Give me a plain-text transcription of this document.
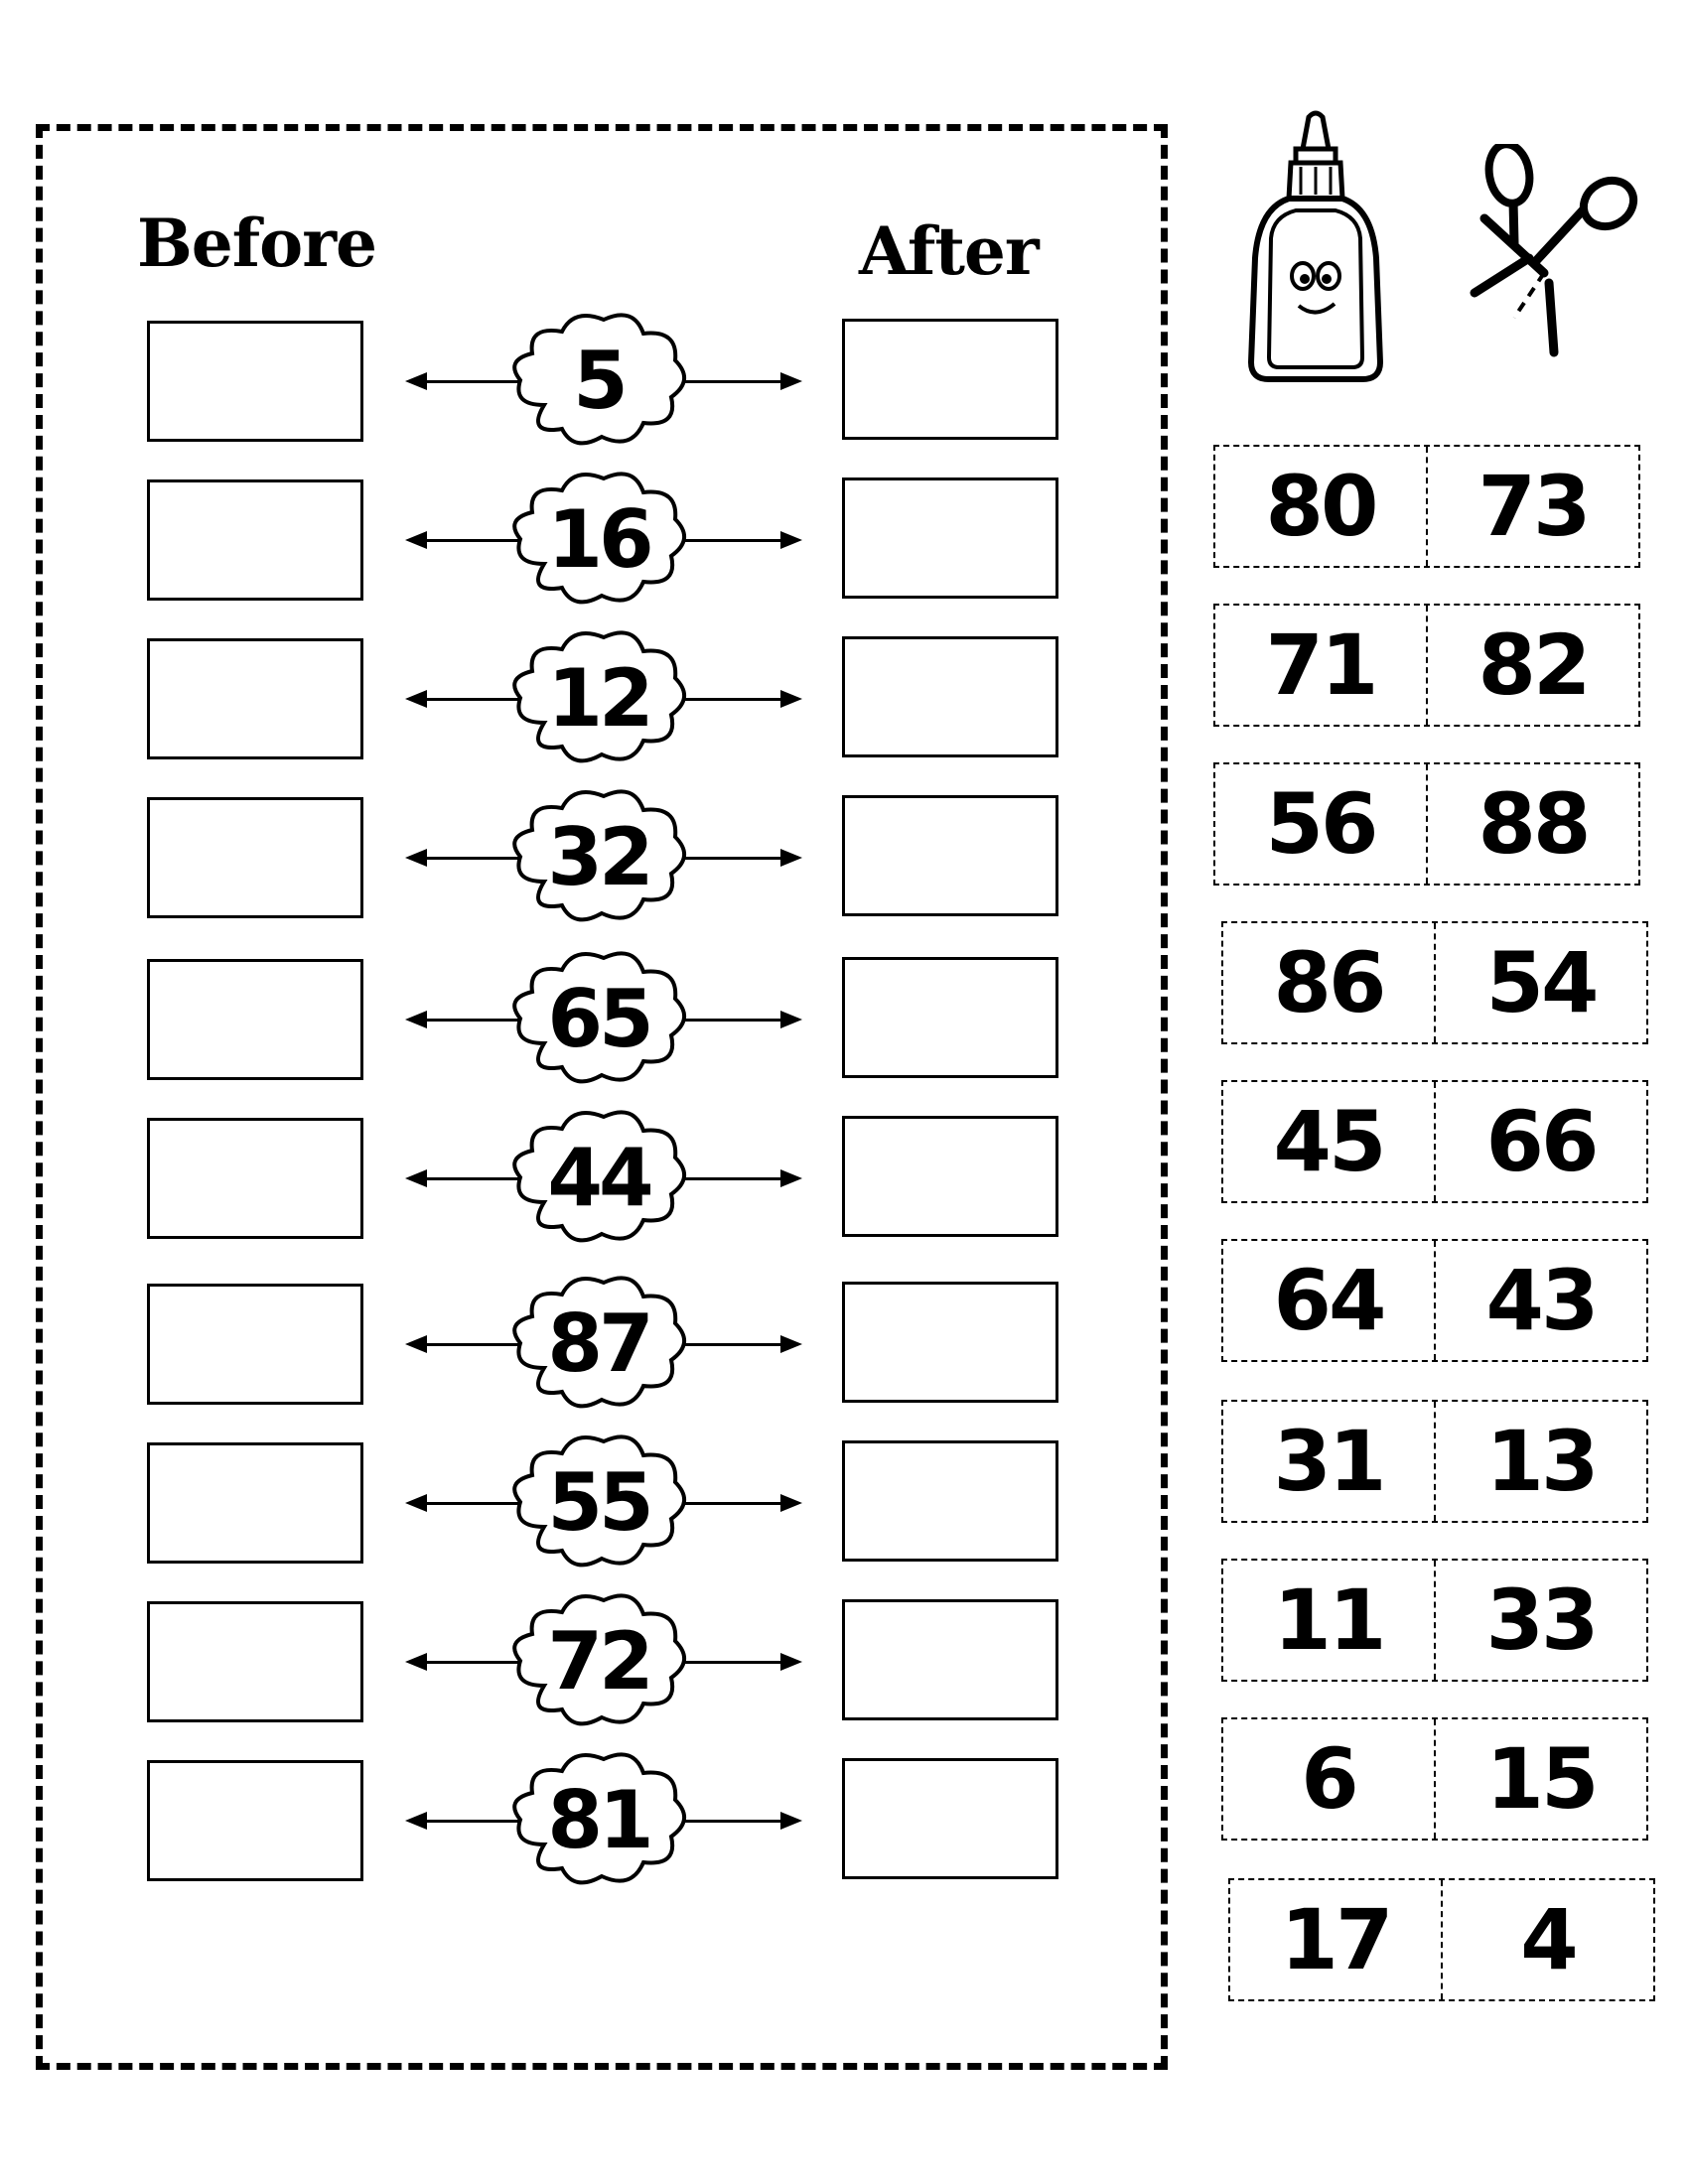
Before	After
5
16
12
32
65
44
87
55
72
81
80	73
71	82
56	88
86	54
45	66
64	43
31	13
11	33
6	15
17	4
